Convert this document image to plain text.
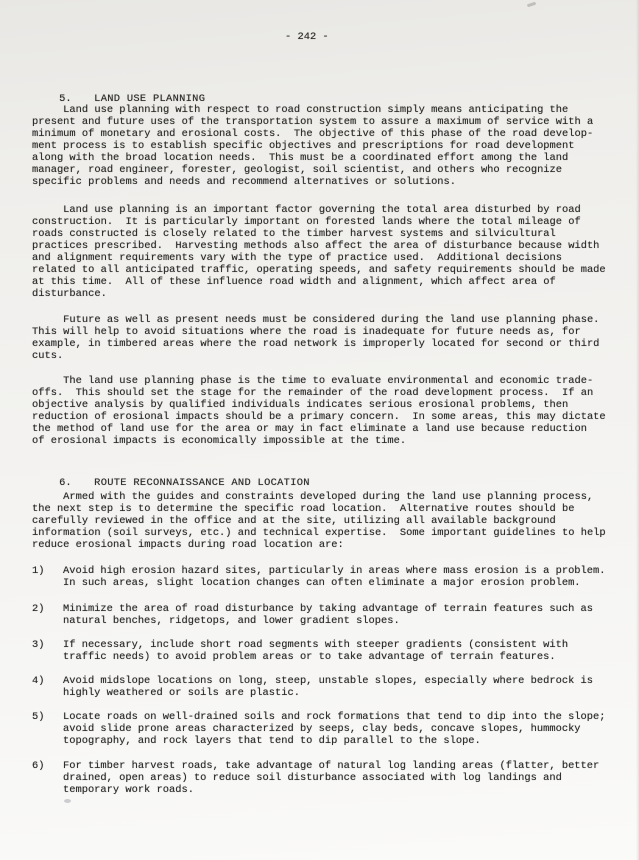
- 242 -

5. LAND USE PLANNING

Land use planning with respect to road construction simply means anticipating the
present and future uses of the transportation system to assure a maximum of service with a
minimum of monetary and erosional costs.  The objective of this phase of the road develop-
ment process is to establish specific objectives and prescriptions for road development
along with the broad location needs.  This must be a coordinated effort among the land
manager, road engineer, forester, geologist, soil scientist, and others who recognize
specific problems and needs and recommend alternatives or solutions.
Land use planning is an important factor governing the total area disturbed by road
construction.  It is particularly important on forested lands where the total mileage of
roads constructed is closely related to the timber harvest systems and silvicultural
practices prescribed.  Harvesting methods also affect the area of disturbance because width
and alignment requirements vary with the type of practice used.  Additional decisions
related to all anticipated traffic, operating speeds, and safety requirements should be made
at this time.  All of these influence road width and alignment, which affect area of
disturbance.
Future as well as present needs must be considered during the land use planning phase.
This will help to avoid situations where the road is inadequate for future needs as, for
example, in timbered areas where the road network is improperly located for second or third
cuts.
The land use planning phase is the time to evaluate environmental and economic trade-
offs.  This should set the stage for the remainder of the road development process.  If an
objective analysis by qualified individuals indicates serious erosional problems, then
reduction of erosional impacts should be a primary concern.  In some areas, this may dictate
the method of land use for the area or may in fact eliminate a land use because reduction
of erosional impacts is economically impossible at the time.

6. ROUTE RECONNAISSANCE AND LOCATION

Armed with the guides and constraints developed during the land use planning process,
the next step is to determine the specific road location.  Alternative routes should be
carefully reviewed in the office and at the site, utilizing all available background
information (soil surveys, etc.) and technical expertise.  Some important guidelines to help
reduce erosional impacts during road location are:
1) Avoid high erosion hazard sites, particularly in areas where mass erosion is a problem.
In such areas, slight location changes can often eliminate a major erosion problem.
2) Minimize the area of road disturbance by taking advantage of terrain features such as
natural benches, ridgetops, and lower gradient slopes.
3) If necessary, include short road segments with steeper gradients (consistent with
traffic needs) to avoid problem areas or to take advantage of terrain features.
4) Avoid midslope locations on long, steep, unstable slopes, especially where bedrock is
highly weathered or soils are plastic.
5) Locate roads on well-drained soils and rock formations that tend to dip into the slope;
avoid slide prone areas characterized by seeps, clay beds, concave slopes, hummocky
topography, and rock layers that tend to dip parallel to the slope.
6) For timber harvest roads, take advantage of natural log landing areas (flatter, better
drained, open areas) to reduce soil disturbance associated with log landings and
temporary work roads.
